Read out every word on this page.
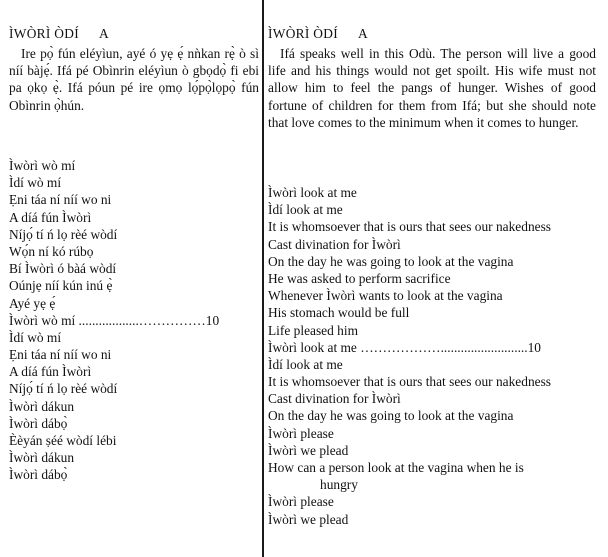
ÌWÒRÌ ÒDÍ A
Ire pọ̀ fún eléyìun, ayé ó yẹ ẹ́ nǹkan rẹ̀ ò sì níí bàjẹ́. Ifá pé Obìnrin eléyìun ò gbọdọ̀ fi ebi pa ọkọ ẹ̀. Ifá póun pé ire ọmọ lọ́pọ̀lọpọ̀ fún Obìnrin ọ̀hún.
Ìwòrì wò mí
Ìdí wò mí
Ẹni táa ní níí wo ni
A díá fún Ìwòrì
Níjọ́ tí ń lọ rèé wòdí
Wọ́n ní kó rúbọ
Bí Ìwòrì ó bàá wòdí
Oúnjẹ níí kún inú ẹ̀
Ayé yẹ ẹ́
Ìwòrì wò mí ..................……………10
Ìdí wò mí
Ẹni táa ní níí wo ni
A díá fún Ìwòrì
Níjọ́ tí ń lọ rèé wòdí
Ìwòrì dákun
Ìwòrì dábọ̀
Èèyán ṣéé wòdí lébi
Ìwòrì dákun
Ìwòrì dábọ̀
ÌWÒRÌ ÒDÍ A
Ifá speaks well in this Odù. The person will live a good life and his things would not get spoilt. His wife must not allow him to feel the pangs of hunger. Wishes of good fortune of children for them from Ifá; but she should note that love comes to the minimum when it comes to hunger.
Ìwòrì look at me
Ìdí look at me
It is whomsoever that is ours that sees our nakedness
Cast divination for Ìwòrì
On the day he was going to look at the vagina
He was asked to perform sacrifice
Whenever Ìwòrì wants to look at the vagina
His stomach would be full
Life pleased him
Ìwòrì look at me ………………..........................10
Ìdí look at me
It is whomsoever that is ours that sees our nakedness
Cast divination for Ìwòrì
On the day he was going to look at the vagina
Ìwòrì please
Ìwòrì we plead
How can a person look at the vagina when he is
hungry
Ìwòrì please
Ìwòrì we plead
